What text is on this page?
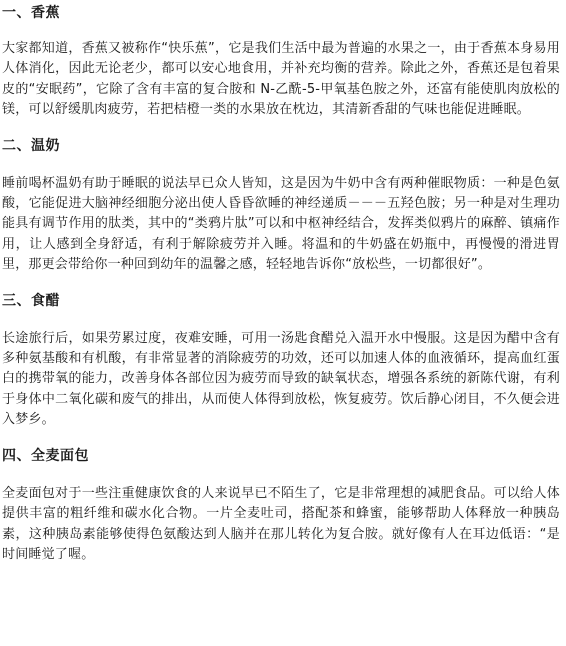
一、香蕉

大家都知道，香蕉又被称作“快乐蕉”，它是我们生活中最为普遍的水果之一，由于香蕉本身易用人体消化，因此无论老少，都可以安心地食用，并补充均衡的营养。除此之外，香蕉还是包着果皮的“安眠药”，它除了含有丰富的复合胺和 N-乙酰-5-甲氧基色胺之外，还富有能使肌肉放松的镁，可以舒缓肌肉疲劳，若把桔橙一类的水果放在枕边，其清新香甜的气味也能促进睡眠。

二、温奶

睡前喝杯温奶有助于睡眠的说法早已众人皆知，这是因为牛奶中含有两种催眠物质：一种是色氨酸，它能促进大脑神经细胞分泌出使人昏昏欲睡的神经递质－－－五羟色胺；另一种是对生理功能具有调节作用的肽类，其中的“类鸦片肽”可以和中枢神经结合，发挥类似鸦片的麻醉、镇痛作用，让人感到全身舒适，有利于解除疲劳并入睡。将温和的牛奶盛在奶瓶中，再慢慢的滑进胃里，那更会带给你一种回到幼年的温馨之感，轻轻地告诉你“放松些，一切都很好”。

三、食醋

长途旅行后，如果劳累过度，夜难安睡，可用一汤匙食醋兑入温开水中慢服。这是因为醋中含有多种氨基酸和有机酸，有非常显著的消除疲劳的功效，还可以加速人体的血液循环，提高血红蛋白的携带氧的能力，改善身体各部位因为疲劳而导致的缺氧状态，增强各系统的新陈代谢，有利于身体中二氧化碳和废气的排出，从而使人体得到放松，恢复疲劳。饮后静心闭目，不久便会进入梦乡。

四、全麦面包

全麦面包对于一些注重健康饮食的人来说早已不陌生了，它是非常理想的减肥食品。可以给人体提供丰富的粗纤维和碳水化合物。一片全麦吐司，搭配茶和蜂蜜，能够帮助人体释放一种胰岛素，这种胰岛素能够使得色氨酸达到人脑并在那儿转化为复合胺。就好像有人在耳边低语：“是时间睡觉了喔。
